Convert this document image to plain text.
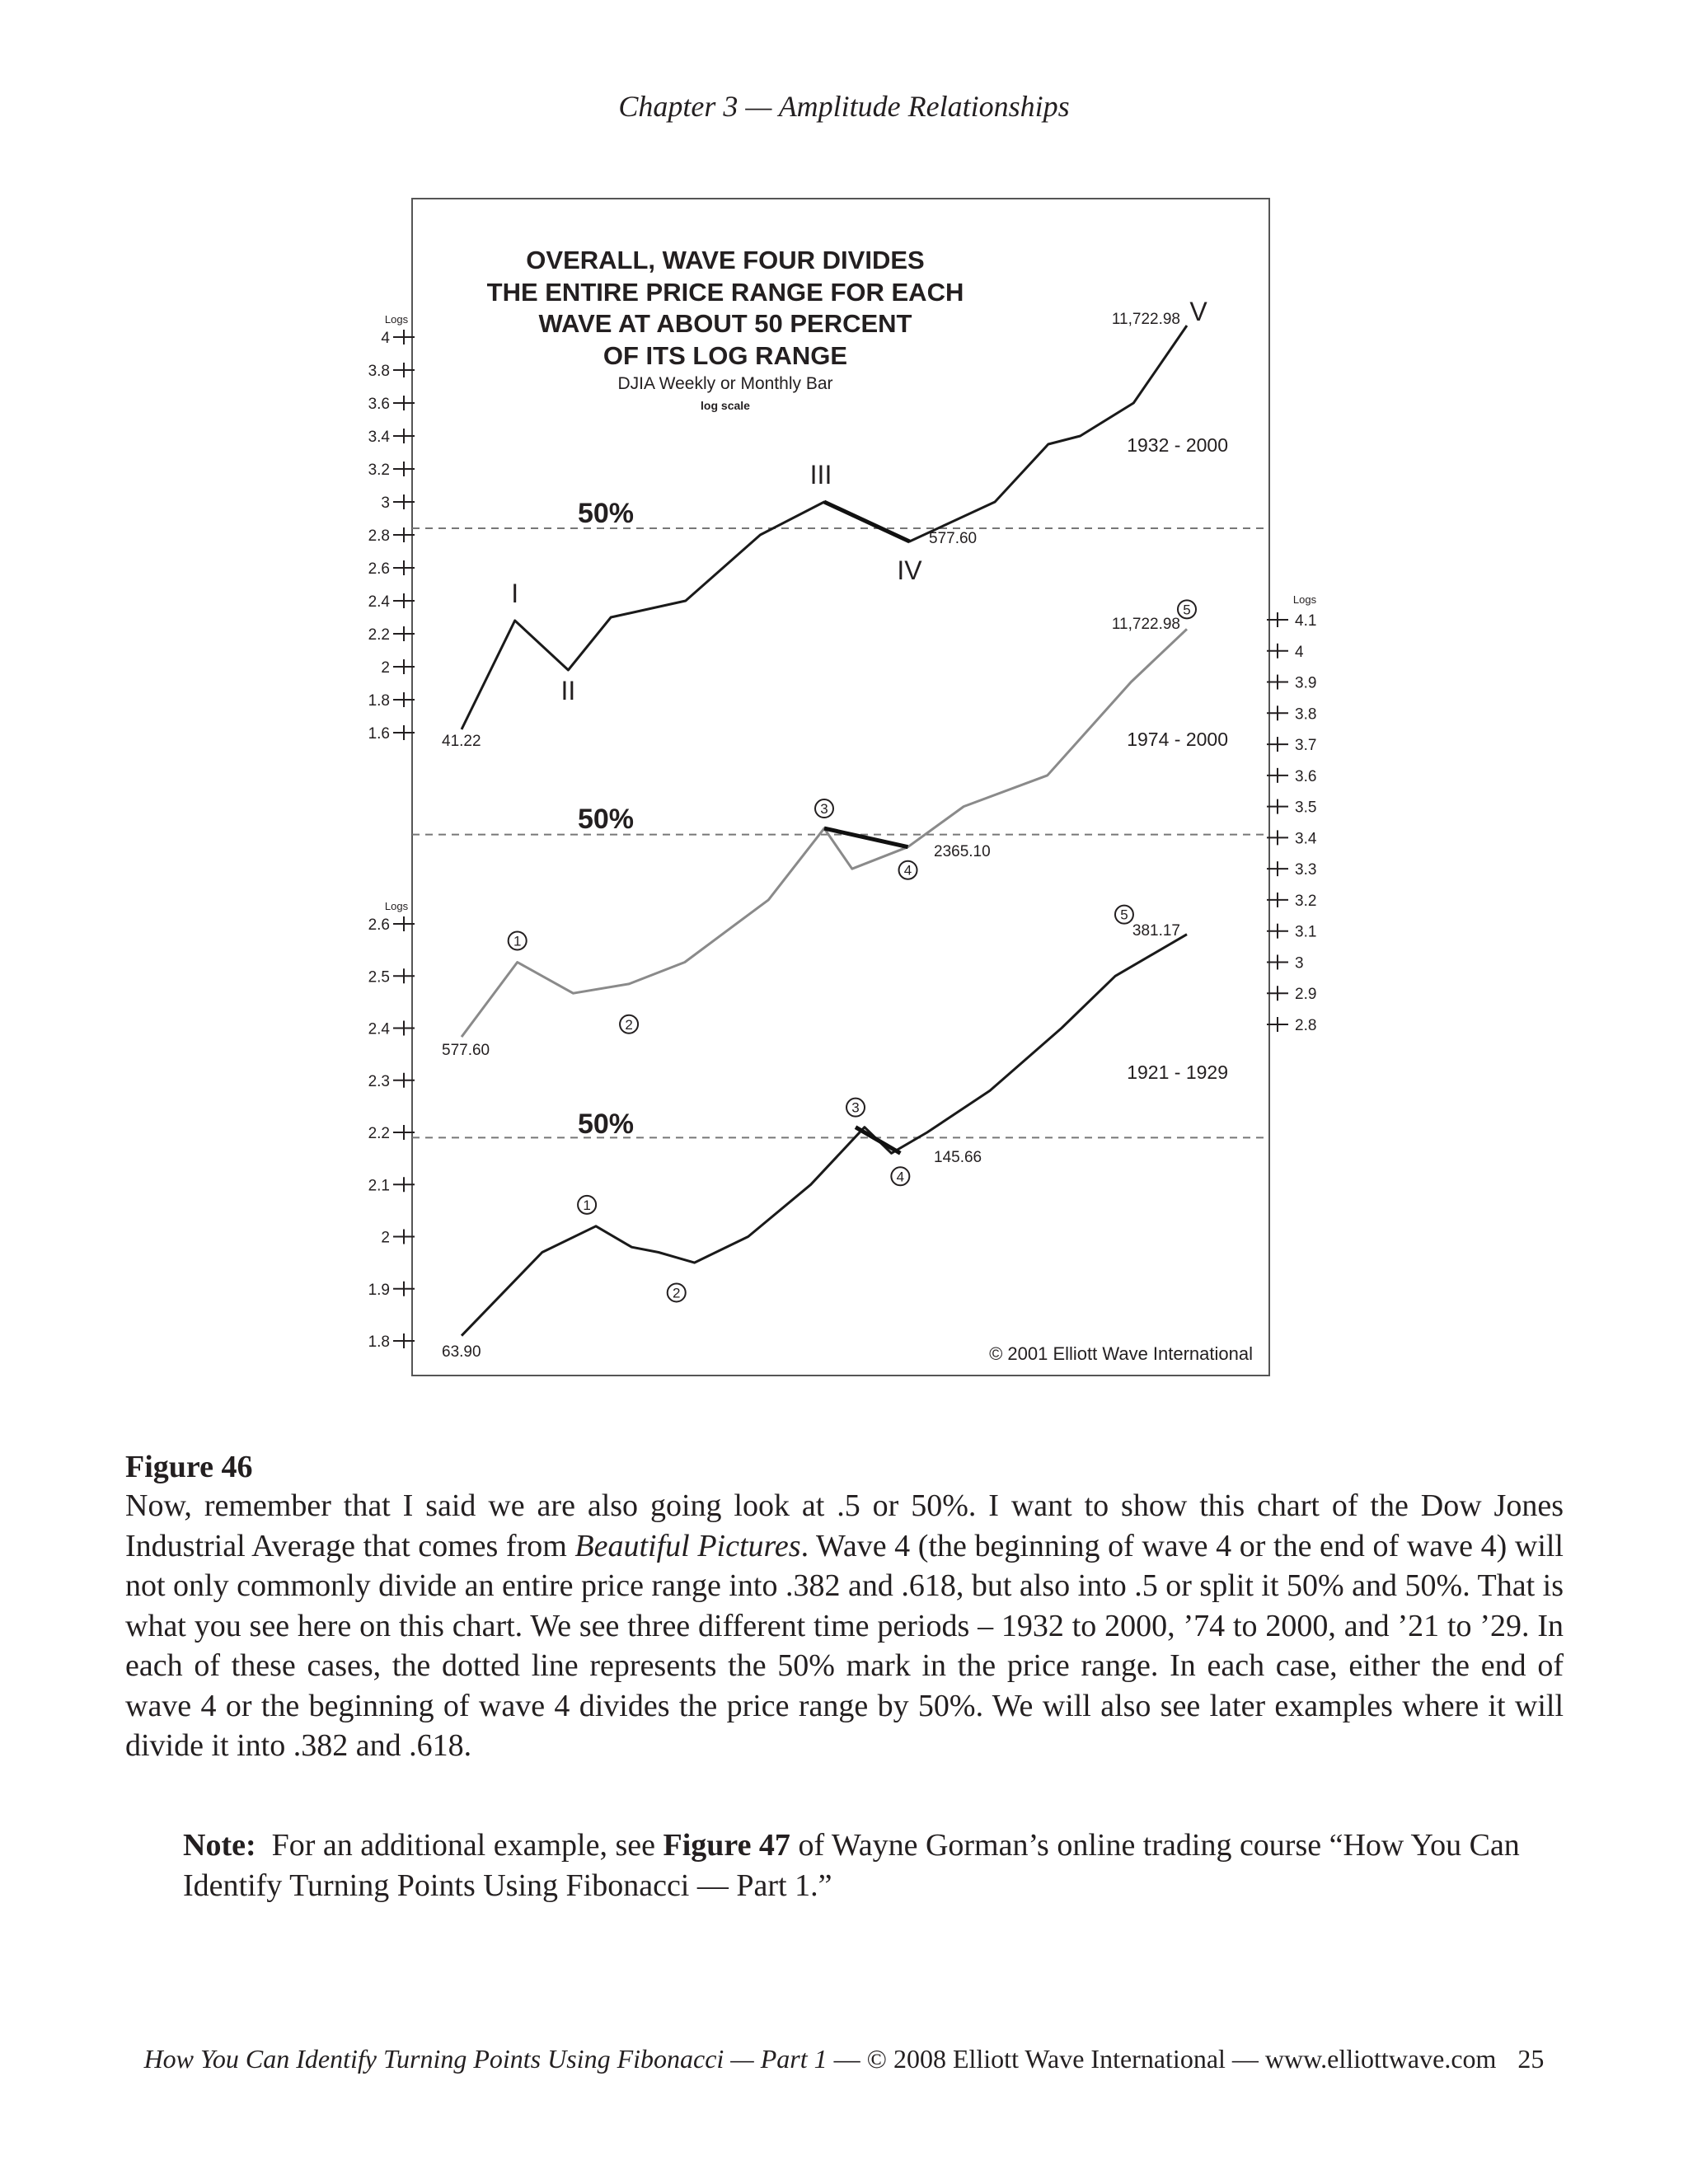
Chapter 3 — Amplitude Relationships
OVERALL, WAVE FOUR DIVIDES
THE ENTIRE PRICE RANGE FOR EACH
WAVE AT ABOUT 50 PERCENT
OF ITS LOG RANGE
DJIA Weekly or Monthly Bar
log scale
© 2001 Elliott Wave International
Logs
4
3.8
3.6
3.4
3.2
3
2.8
2.6
2.4
2.2
2
1.8
1.6
50%
I
II
III
IV
V
41.22
11,722.98
577.60
1932 - 2000
Logs
4.1
4
3.9
3.8
3.7
3.6
3.5
3.4
3.3
3.2
3.1
3
2.9
2.8
50%
1
2
3
4
5
577.60
11,722.98
2365.10
1974 - 2000
Logs
2.6
2.5
2.4
2.3
2.2
2.1
2
1.9
1.8
50%
1
2
3
4
5
63.90
381.17
145.66
1921 - 1929
Figure 46
Now, remember that I said we are also going look at .5 or 50%. I want to show this chart of the Dow Jones Industrial Average that comes from Beautiful Pictures. Wave 4 (the beginning of wave 4 or the end of wave 4) will not only commonly divide an entire price range into .382 and .618, but also into .5 or split it 50% and 50%. That is what you see here on this chart. We see three different time periods – 1932 to 2000, ’74 to 2000, and ’21 to ’29. In each of these cases, the dotted line represents the 50% mark in the price range. In each case, either the end of wave 4 or the beginning of wave 4 divides the price range by 50%. We will also see later examples where it will divide it into .382 and .618.
Note:  For an additional example, see Figure 47 of Wayne Gorman’s online trading course “How You Can Identify Turning Points Using Fibonacci — Part 1.”
How You Can Identify Turning Points Using Fibonacci — Part 1 — © 2008 Elliott Wave International — www.elliottwave.com 25
